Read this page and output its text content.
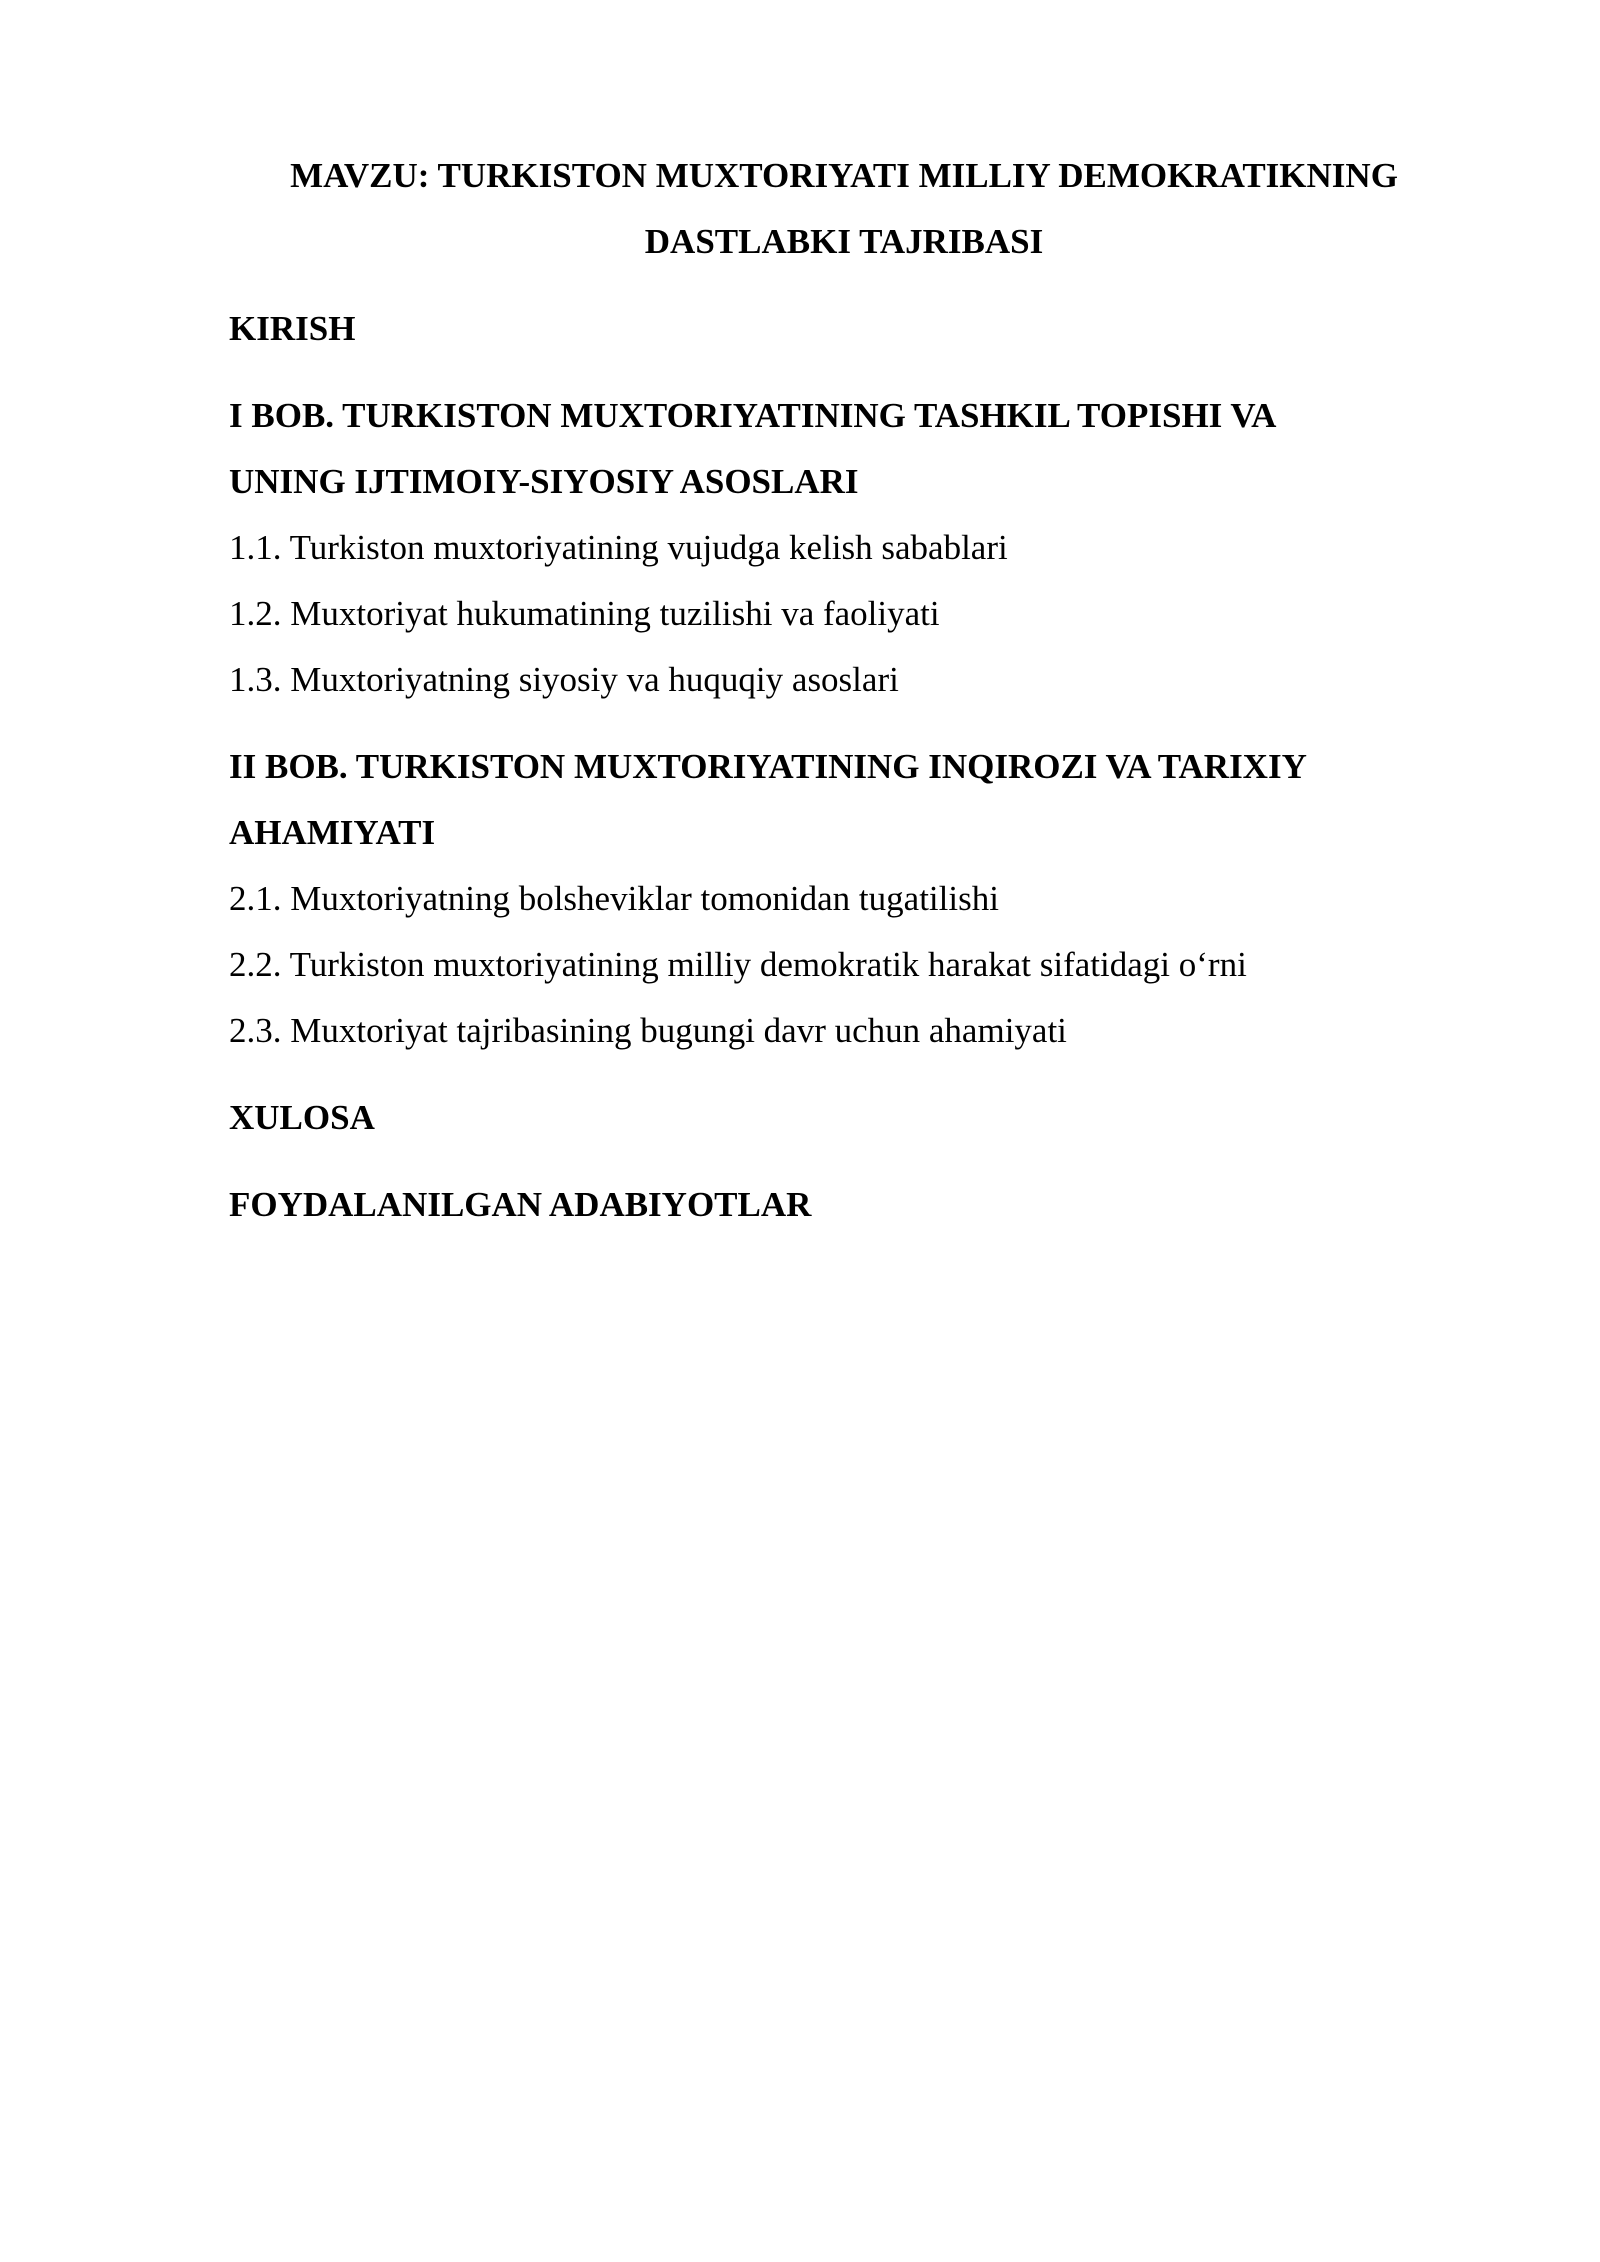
MAVZU: TURKISTON MUXTORIYATI MILLIY DEMOKRATIKNING
DASTLABKI TAJRIBASI
KIRISH
I BOB. TURKISTON MUXTORIYATINING TASHKIL TOPISHI VA
UNING IJTIMOIY-SIYOSIY ASOSLARI
1.1. Turkiston muxtoriyatining vujudga kelish sabablari
1.2. Muxtoriyat hukumatining tuzilishi va faoliyati
1.3. Muxtoriyatning siyosiy va huquqiy asoslari
II BOB. TURKISTON MUXTORIYATINING INQIROZI VA TARIXIY
AHAMIYATI
2.1. Muxtoriyatning bolsheviklar tomonidan tugatilishi
2.2. Turkiston muxtoriyatining milliy demokratik harakat sifatidagi o‘rni
2.3. Muxtoriyat tajribasining bugungi davr uchun ahamiyati
XULOSA
FOYDALANILGAN ADABIYOTLAR
